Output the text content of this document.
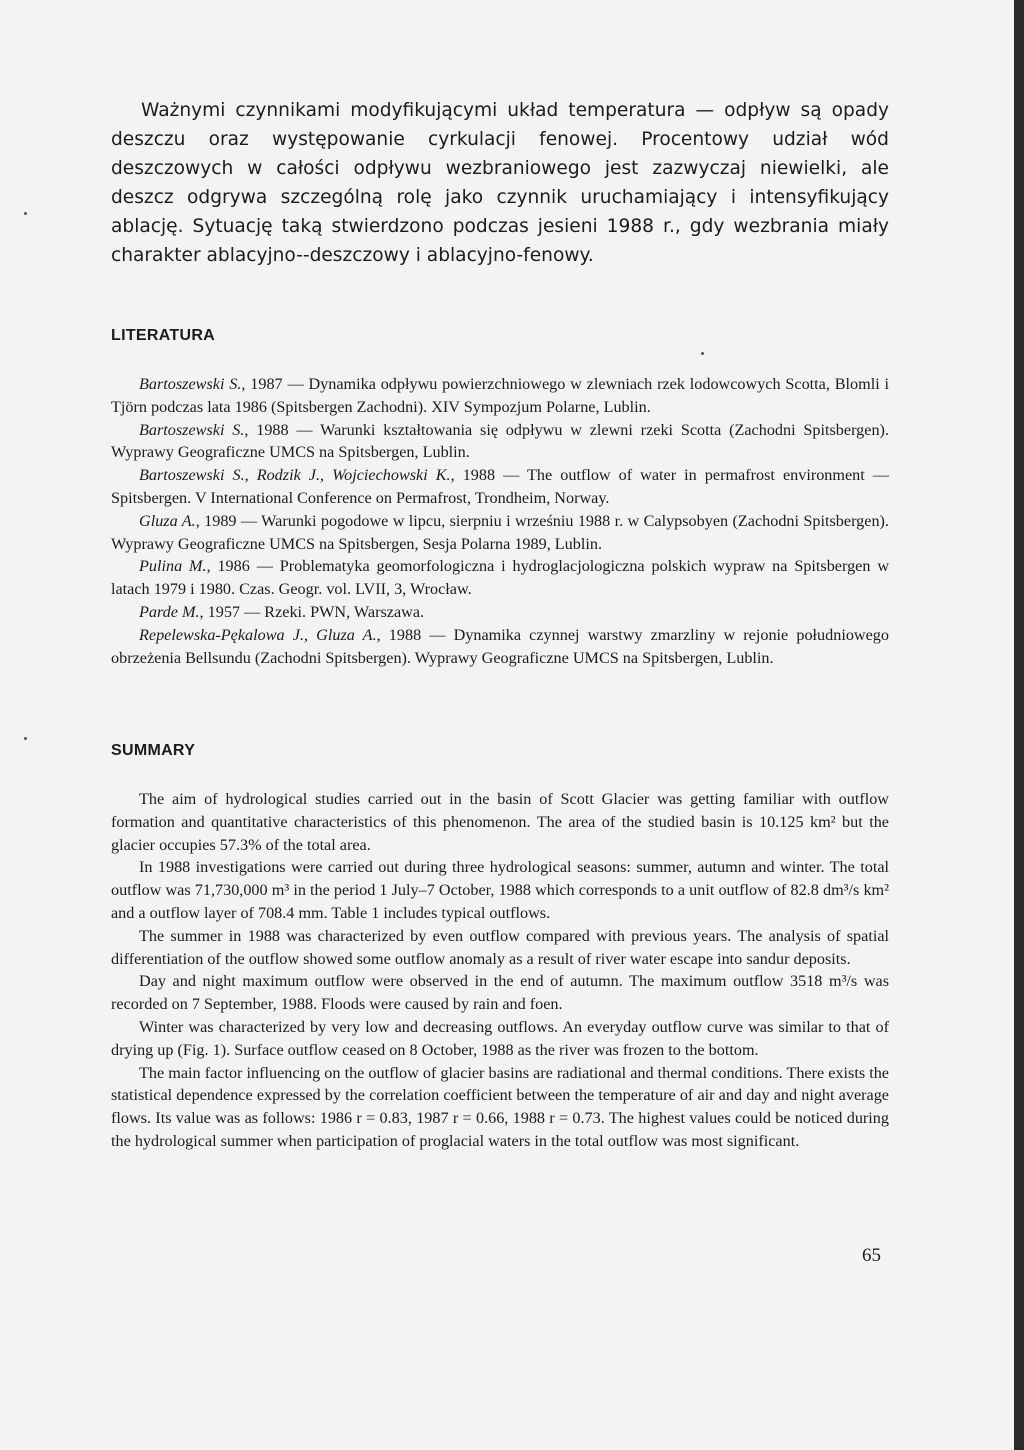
Ważnymi czynnikami modyfikującymi układ temperatura — odpływ są opady deszczu oraz występowanie cyrkulacji fenowej. Procentowy udział wód deszczowych w całości odpływu wezbraniowego jest zazwyczaj niewielki, ale deszcz odgrywa szczególną rolę jako czynnik uruchamiający i intensyfikujący ablację. Sytuację taką stwierdzono podczas jesieni 1988 r., gdy wezbrania miały charakter ablacyjno--deszczowy i ablacyjno-fenowy.

LITERATURA

Bartoszewski S., 1987 — Dynamika odpływu powierzchniowego w zlewniach rzek lodowcowych Scotta, Blomli i Tjörn podczas lata 1986 (Spitsbergen Zachodni). XIV Sympozjum Polarne, Lublin.

Bartoszewski S., 1988 — Warunki kształtowania się odpływu w zlewni rzeki Scotta (Zachodni Spitsbergen). Wyprawy Geograficzne UMCS na Spitsbergen, Lublin.

Bartoszewski S., Rodzik J., Wojciechowski K., 1988 — The outflow of water in permafrost environment — Spitsbergen. V International Conference on Permafrost, Trondheim, Norway.

Gluza A., 1989 — Warunki pogodowe w lipcu, sierpniu i wrześniu 1988 r. w Calypsobyen (Zachodni Spitsbergen). Wyprawy Geograficzne UMCS na Spitsbergen, Sesja Polarna 1989, Lublin.

Pulina M., 1986 — Problematyka geomorfologiczna i hydroglacjologiczna polskich wypraw na Spitsbergen w latach 1979 i 1980. Czas. Geogr. vol. LVII, 3, Wrocław.

Parde M., 1957 — Rzeki. PWN, Warszawa.

Repelewska-Pękalowa J., Gluza A., 1988 — Dynamika czynnej warstwy zmarzliny w rejonie południowego obrzeżenia Bellsundu (Zachodni Spitsbergen). Wyprawy Geograficzne UMCS na Spitsbergen, Lublin.

SUMMARY

The aim of hydrological studies carried out in the basin of Scott Glacier was getting familiar with outflow formation and quantitative characteristics of this phenomenon. The area of the studied basin is 10.125 km² but the glacier occupies 57.3% of the total area.

In 1988 investigations were carried out during three hydrological seasons: summer, autumn and winter. The total outflow was 71,730,000 m³ in the period 1 July–7 October, 1988 which corresponds to a unit outflow of 82.8 dm³/s km² and a outflow layer of 708.4 mm. Table 1 includes typical outflows.

The summer in 1988 was characterized by even outflow compared with previous years. The analysis of spatial differentiation of the outflow showed some outflow anomaly as a result of river water escape into sandur deposits.

Day and night maximum outflow were observed in the end of autumn. The maximum outflow 3518 m³/s was recorded on 7 September, 1988. Floods were caused by rain and foen.

Winter was characterized by very low and decreasing outflows. An everyday outflow curve was similar to that of drying up (Fig. 1). Surface outflow ceased on 8 October, 1988 as the river was frozen to the bottom.

The main factor influencing on the outflow of glacier basins are radiational and thermal conditions. There exists the statistical dependence expressed by the correlation coefficient between the temperature of air and day and night average flows. Its value was as follows: 1986 r = 0.83, 1987 r = 0.66, 1988 r = 0.73. The highest values could be noticed during the hydrological summer when participation of proglacial waters in the total outflow was most significant.

65
